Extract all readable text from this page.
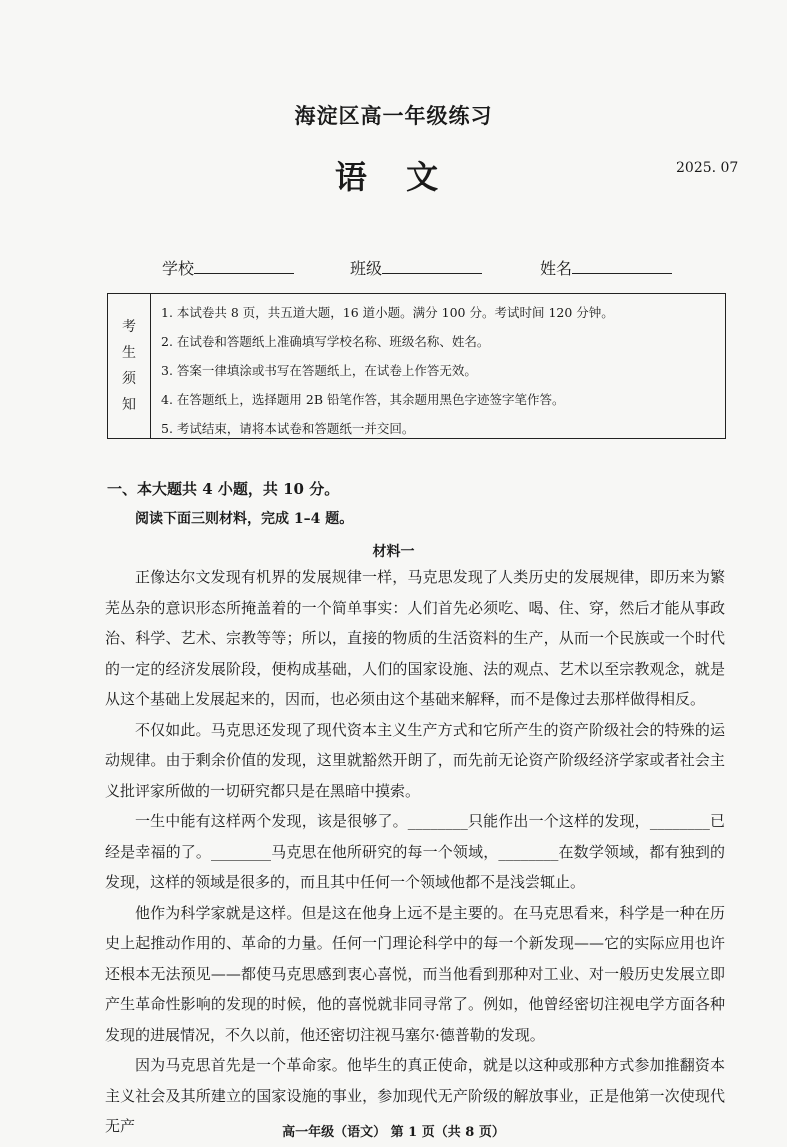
海淀区高一年级练习
语 文	2025. 07
学校	班级	姓名
考
生
须
知
1. 本试卷共 8 页，共五道大题，16 道小题。满分 100 分。考试时间 120 分钟。
2. 在试卷和答题纸上准确填写学校名称、班级名称、姓名。
3. 答案一律填涂或书写在答题纸上，在试卷上作答无效。
4. 在答题纸上，选择题用 2B 铅笔作答，其余题用黑色字迹签字笔作答。
5. 考试结束，请将本试卷和答题纸一并交回。
一、本大题共 4 小题，共 10 分。
阅读下面三则材料，完成 1–4 题。
材料一

正像达尔文发现有机界的发展规律一样，马克思发现了人类历史的发展规律，即历来为繁芜丛杂的意识形态所掩盖着的一个简单事实：人们首先必须吃、喝、住、穿，然后才能从事政治、科学、艺术、宗教等等；所以，直接的物质的生活资料的生产，从而一个民族或一个时代的一定的经济发展阶段，便构成基础，人们的国家设施、法的观点、艺术以至宗教观念，就是从这个基础上发展起来的，因而，也必须由这个基础来解释，而不是像过去那样做得相反。

不仅如此。马克思还发现了现代资本主义生产方式和它所产生的资产阶级社会的特殊的运动规律。由于剩余价值的发现，这里就豁然开朗了，而先前无论资产阶级经济学家或者社会主义批评家所做的一切研究都只是在黑暗中摸索。

一生中能有这样两个发现，该是很够了。________只能作出一个这样的发现，________已经是幸福的了。________马克思在他所研究的每一个领域，________在数学领域，都有独到的发现，这样的领域是很多的，而且其中任何一个领域他都不是浅尝辄止。

他作为科学家就是这样。但是这在他身上远不是主要的。在马克思看来，科学是一种在历史上起推动作用的、革命的力量。任何一门理论科学中的每一个新发现——它的实际应用也许还根本无法预见——都使马克思感到衷心喜悦，而当他看到那种对工业、对一般历史发展立即产生革命性影响的发现的时候，他的喜悦就非同寻常了。例如，他曾经密切注视电学方面各种发现的进展情况，不久以前，他还密切注视马塞尔·德普勒的发现。

因为马克思首先是一个革命家。他毕生的真正使命，就是以这种或那种方式参加推翻资本主义社会及其所建立的国家设施的事业，参加现代无产阶级的解放事业，正是他第一次使现代无产	高一年级（语文） 第 1 页（共 8 页）
